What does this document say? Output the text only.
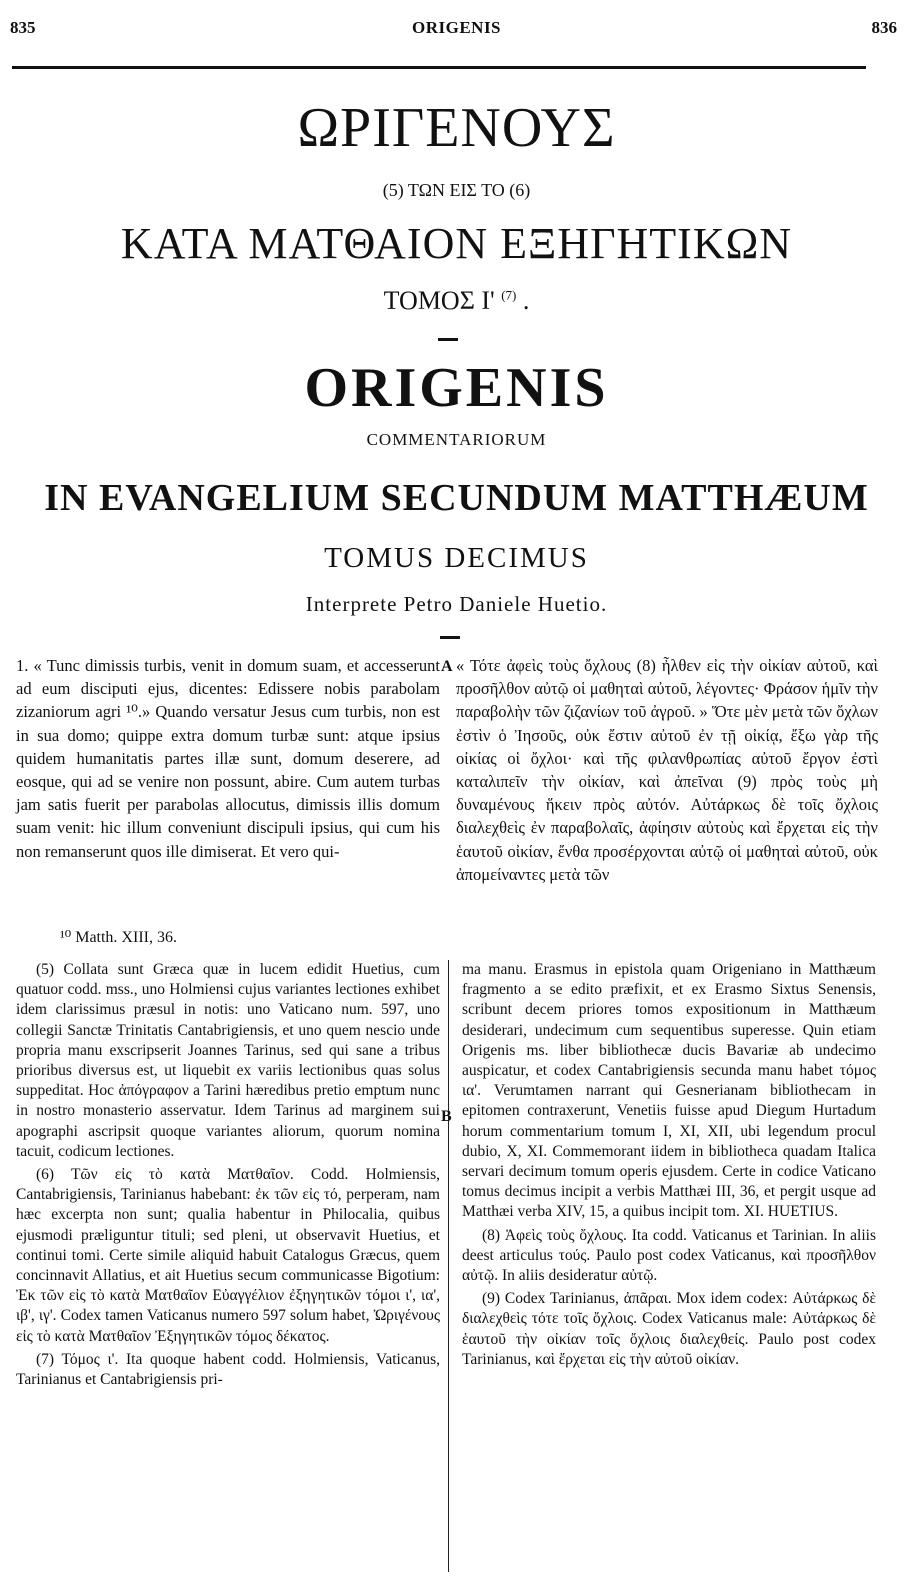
835	ORIGENIS	836
ΩΡΙΓΕΝΟΥΣ
(5) ΤΩΝ ΕΙΣ ΤΟ (6)
ΚΑΤΑ ΜΑΤΘΑΙΟΝ ΕΞΗΓΗΤΙΚΩΝ
ΤΟΜΟΣ Ι' $^{(7)}$ .
ORIGENIS
COMMENTARIORUM
IN EVANGELIUM SECUNDUM MATTHÆUM
TOMUS DECIMUS
Interprete Petro Daniele Huetio.

1. « Tunc dimissis turbis, venit in domum suam, et accesserunt ad eum disciputi ejus, dicentes: Edissere nobis parabolam zizaniorum agri ¹⁰.» Quando versatur Jesus cum turbis, non est in sua domo; quippe extra domum turbæ sunt: atque ipsius quidem humanitatis partes illæ sunt, domum deserere, ad eosque, qui ad se venire non possunt, abire. Cum autem turbas jam satis fuerit per parabolas allocutus, dimissis illis domum suam venit: hic illum conveniunt discipuli ipsius, qui cum his non remanserunt quos ille dimiserat. Et vero qui-

A « Τότε ἀφεὶς τοὺς ὄχλους (8) ἦλθεν εἰς τὴν οἰκίαν αὐτοῦ, καὶ προσῆλθον αὐτῷ οἱ μαθηταὶ αὐτοῦ, λέγοντες· Φράσον ἡμῖν τὴν παραβολὴν τῶν ζιζανίων τοῦ ἀγροῦ. » Ὅτε μὲν μετὰ τῶν ὄχλων ἐστὶν ὁ Ἰησοῦς, οὐκ ἔστιν αὐτοῦ ἐν τῇ οἰκίᾳ, ἔξω γὰρ τῆς οἰκίας οἱ ὄχλοι· καὶ τῆς φιλανθρωπίας αὐτοῦ ἔργον ἐστὶ καταλιπεῖν τὴν οἰκίαν, καὶ ἀπεῖναι (9) πρὸς τοὺς μὴ δυναμένους ἥκειν πρὸς αὐτόν. Αὐτάρκως δὲ τοῖς ὄχλοις διαλεχθεὶς ἐν παραβολαῖς, ἀφίησιν αὐτοὺς καὶ ἔρχεται εἰς τὴν ἑαυτοῦ οἰκίαν, ἔνθα προσέρχονται αὐτῷ οἱ μαθηταὶ αὐτοῦ, οὐκ ἀπομείναντες μετὰ τῶν

¹⁰ Matth. XIII, 36.
B

(5) Collata sunt Græca quæ in lucem edidit Huetius, cum quatuor codd. mss., uno Holmiensi cujus variantes lectiones exhibet idem clarissimus præsul in notis: uno Vaticano num. 597, uno collegii Sanctæ Trinitatis Cantabrigiensis, et uno quem nescio unde propria manu exscripserit Joannes Tarinus, sed qui sane a tribus prioribus diversus est, ut liquebit ex variis lectionibus quas solus suppeditat. Hoc ἀπόγραφον a Tarini hæredibus pretio emptum nunc in nostro monasterio asservatur. Idem Tarinus ad marginem sui apographi ascripsit quoque variantes aliorum, quorum nomina tacuit, codicum lectiones.

(6) Τῶν εἰς τὸ κατὰ Ματθαῖον. Codd. Holmiensis, Cantabrigiensis, Tarinianus habebant: ἐκ τῶν εἰς τό, perperam, nam hæc excerpta non sunt; qualia habentur in Philocalia, quibus ejusmodi præliguntur tituli; sed pleni, ut observavit Huetius, et continui tomi. Certe simile aliquid habuit Catalogus Græcus, quem concinnavit Allatius, et ait Huetius secum communicasse Bigotium: Ἐκ τῶν εἰς τὸ κατὰ Ματθαῖον Εὐαγγέλιον ἐξηγητικῶν τόμοι ι', ια', ιβ', ιγ'. Codex tamen Vaticanus numero 597 solum habet, Ὠριγένους εἰς τὸ κατὰ Ματθαῖον Ἐξηγητικῶν τόμος δέκατος.

(7) Τόμος ι'. Ita quoque habent codd. Holmiensis, Vaticanus, Tarinianus et Cantabrigiensis pri-

ma manu. Erasmus in epistola quam Origeniano in Matthæum fragmento a se edito præfixit, et ex Erasmo Sixtus Senensis, scribunt decem priores tomos expositionum in Matthæum desiderari, undecimum cum sequentibus superesse. Quin etiam Origenis ms. liber bibliothecæ ducis Bavariæ ab undecimo auspicatur, et codex Cantabrigiensis secunda manu habet τόμος ια'. Verumtamen narrant qui Gesnerianam bibliothecam in epitomen contraxerunt, Venetiis fuisse apud Diegum Hurtadum horum commentarium tomum I, XI, XII, ubi legendum procul dubio, X, XI. Commemorant iidem in bibliotheca quadam Italica servari decimum tomum operis ejusdem. Certe in codice Vaticano tomus decimus incipit a verbis Matthæi III, 36, et pergit usque ad Matthæi verba XIV, 15, a quibus incipit tom. XI. HUETIUS.

(8) Ἀφεὶς τοὺς ὄχλους. Ita codd. Vaticanus et Tarinian. In aliis deest articulus τούς. Paulo post codex Vaticanus, καὶ προσῆλθον αὐτῷ. In aliis desideratur αὐτῷ.

(9) Codex Tarinianus, ἀπᾶραι. Mox idem codex: Αὐτάρκως δὲ διαλεχθεὶς τότε τοῖς ὄχλοις. Codex Vaticanus male: Αὐτάρκως δὲ ἑαυτοῦ τὴν οἰκίαν τοῖς ὄχλοις διαλεχθείς. Paulo post codex Tarinianus, καὶ ἔρχεται εἰς τὴν αὐτοῦ οἰκίαν.
